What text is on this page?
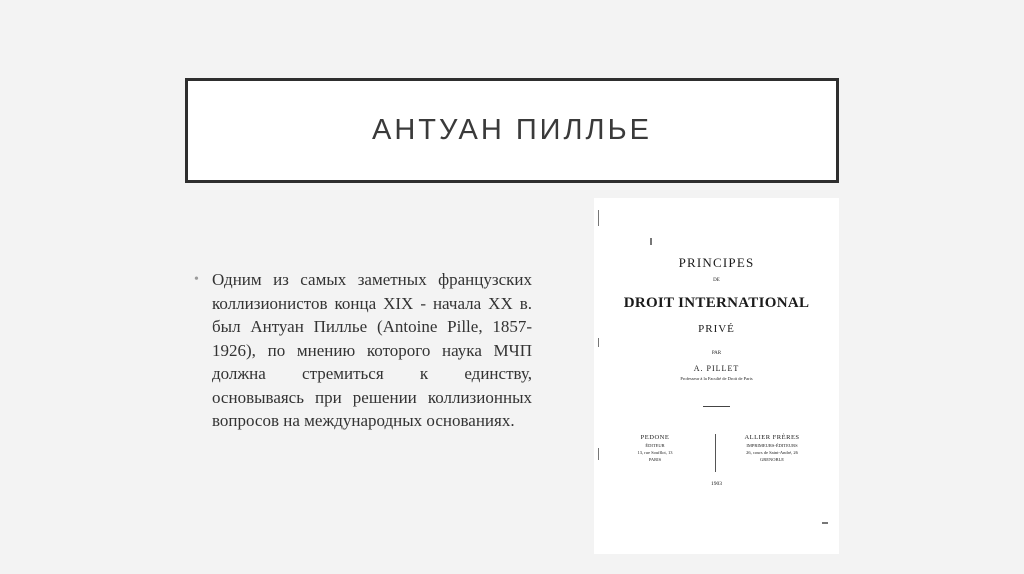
АНТУАН ПИЛЛЬЕ
• Одним из самых заметных французских коллизионистов конца XIX - начала XX в. был Антуан Пиллье (Antoine Pille, 1857-1926), по мнению которого наука МЧП должна стремиться к единству, основываясь при решении коллизионных вопросов на международных основаниях.
PRINCIPES
DE
DROIT INTERNATIONAL
PRIVÉ
PAR
A. PILLET
Professeur à la Faculté de Droit de Paris
PEDONE
ÉDITEUR
13, rue Soufflot, 13
PARIS
ALLIER FRÈRES
IMPRIMEURS-ÉDITEURS
26, cours de Saint-André, 26
GRENOBLE
1903
